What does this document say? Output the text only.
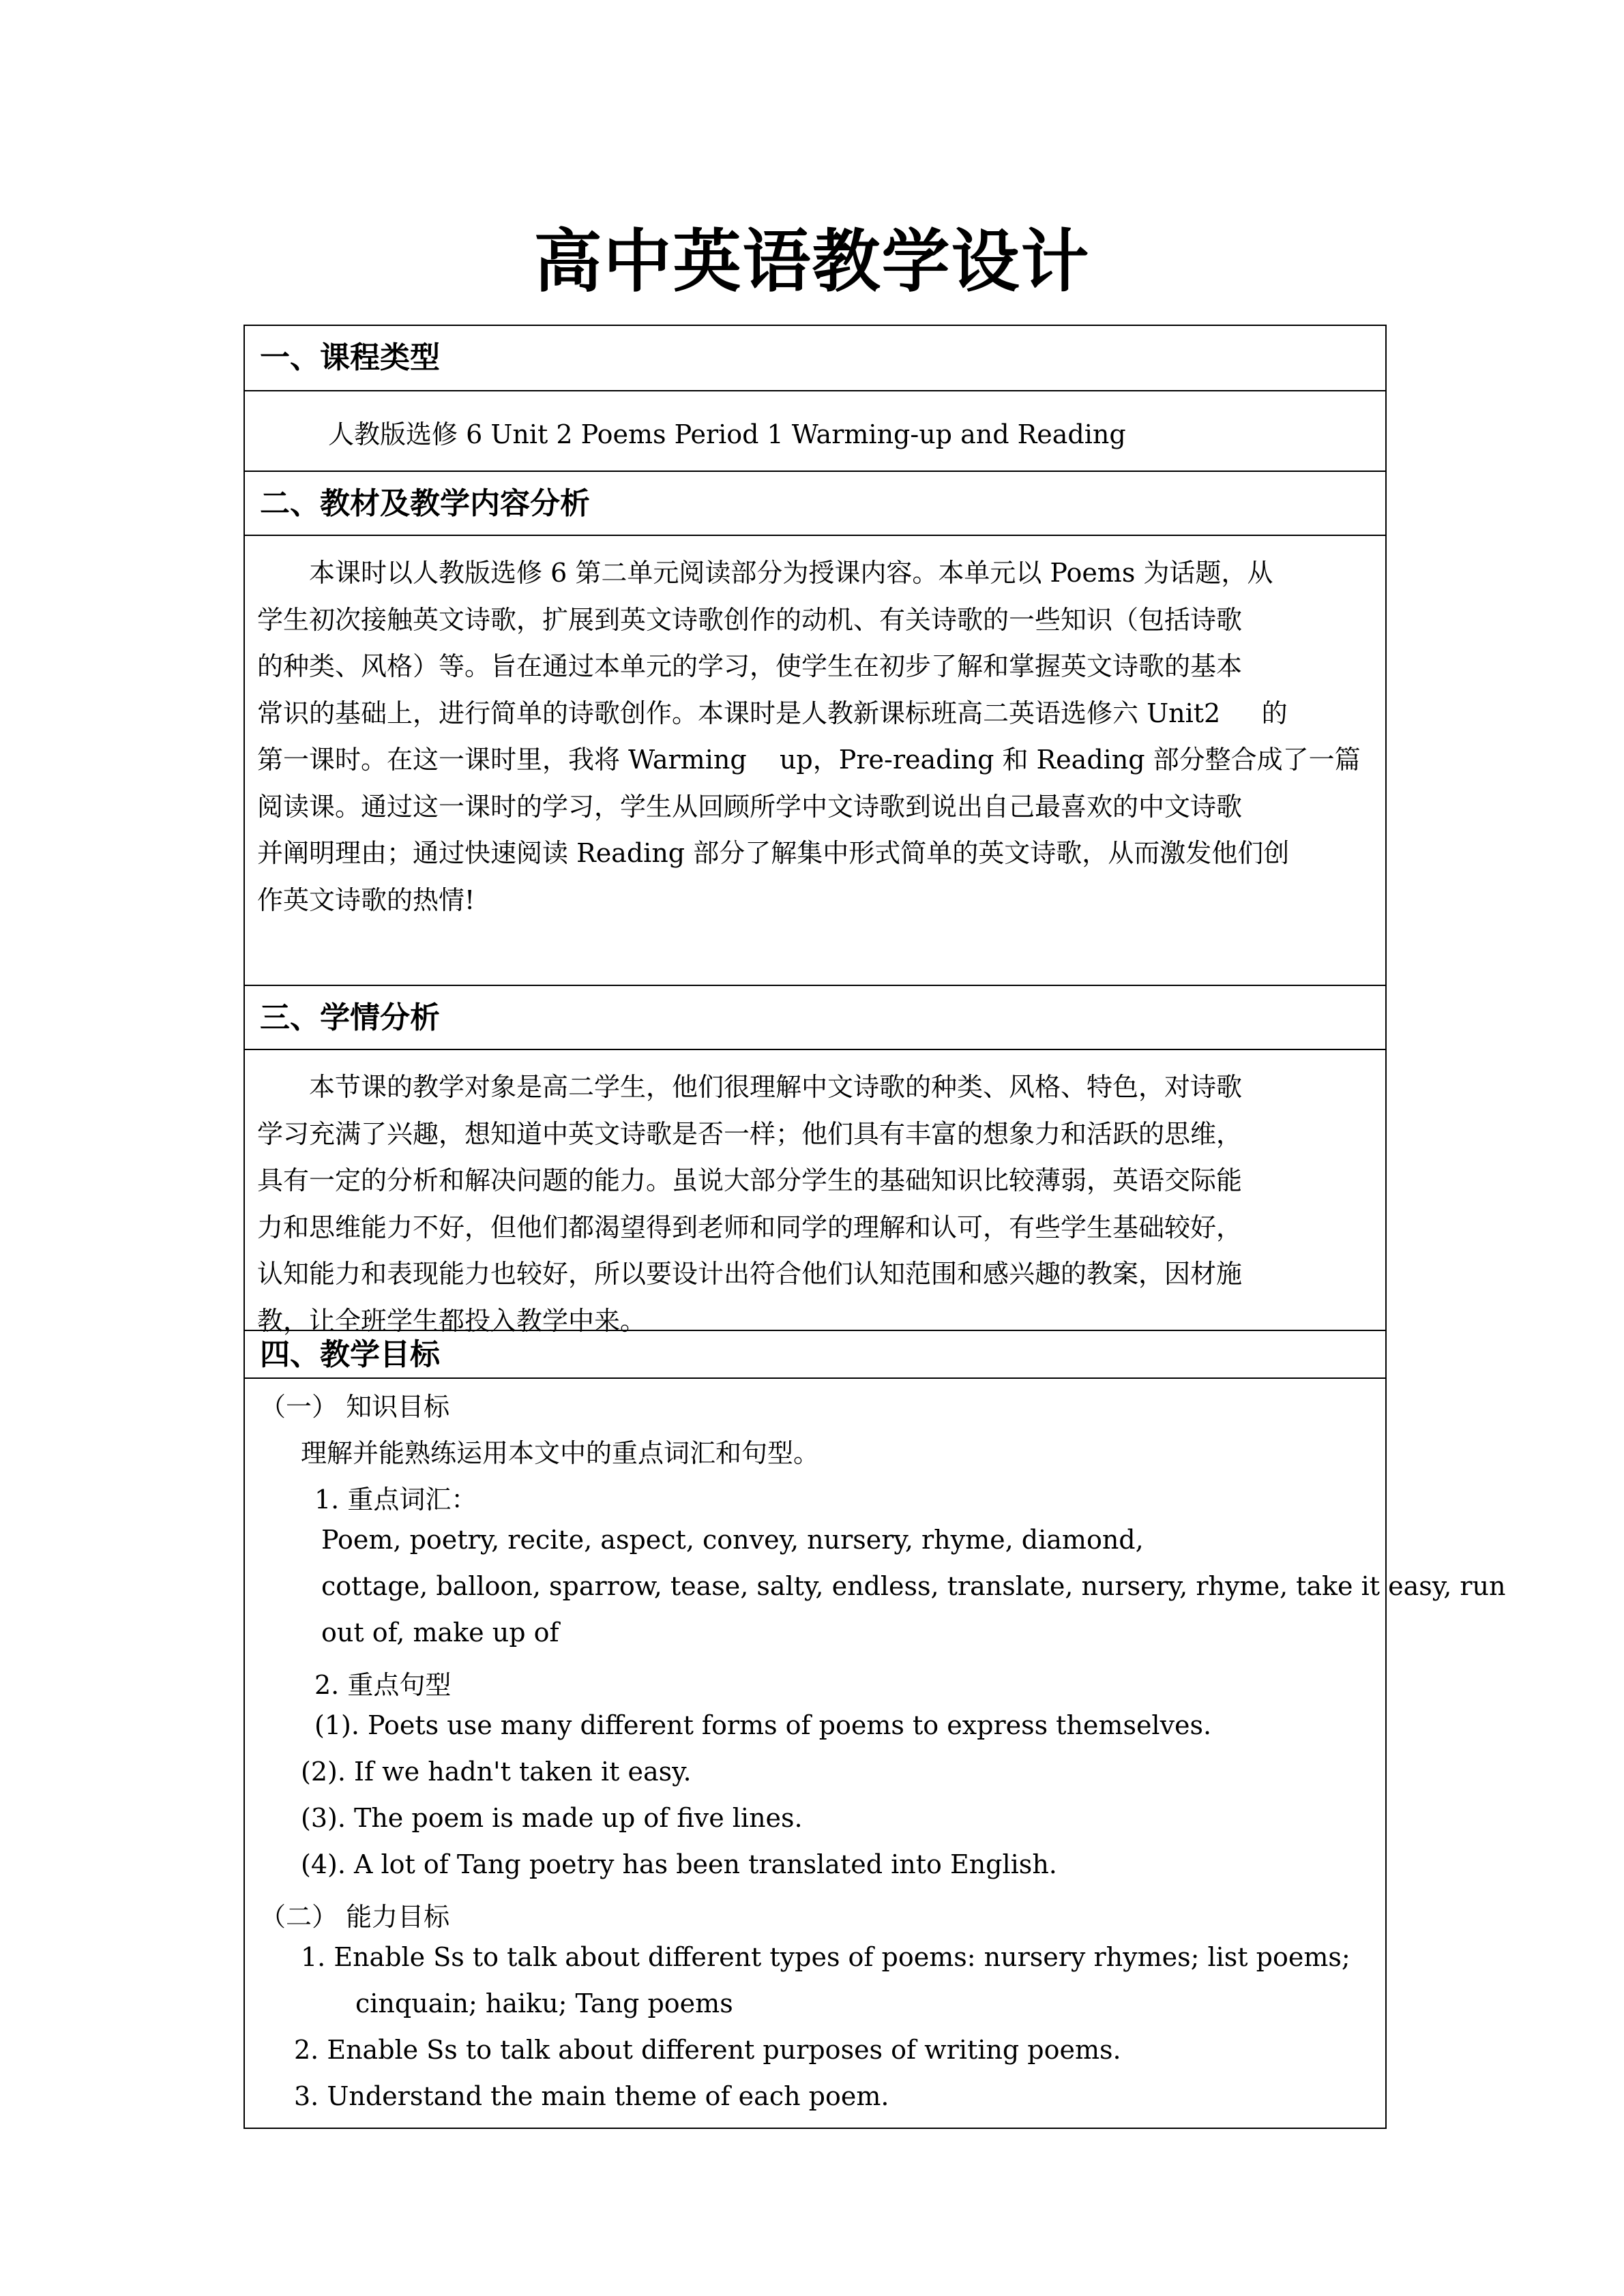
高中英语教学设计
一、课程类型
人教版选修 6 Unit 2 Poems Period 1 Warming-up and Reading
二、教材及教学内容分析
本课时以人教版选修 6 第二单元阅读部分为授课内容。本单元以 Poems 为话题，从
学生初次接触英文诗歌，扩展到英文诗歌创作的动机、有关诗歌的一些知识（包括诗歌
的种类、风格）等。旨在通过本单元的学习，使学生在初步了解和掌握英文诗歌的基本
常识的基础上，进行简单的诗歌创作。本课时是人教新课标班高二英语选修六 Unit2     的
第一课时。在这一课时里，我将 Warming    up，Pre-reading 和 Reading 部分整合成了一篇
阅读课。通过这一课时的学习，学生从回顾所学中文诗歌到说出自己最喜欢的中文诗歌
并阐明理由；通过快速阅读 Reading 部分了解集中形式简单的英文诗歌，从而激发他们创
作英文诗歌的热情!
三、学情分析
本节课的教学对象是高二学生，他们很理解中文诗歌的种类、风格、特色，对诗歌
学习充满了兴趣，想知道中英文诗歌是否一样；他们具有丰富的想象力和活跃的思维，
具有一定的分析和解决问题的能力。虽说大部分学生的基础知识比较薄弱，英语交际能
力和思维能力不好，但他们都渴望得到老师和同学的理解和认可，有些学生基础较好，
认知能力和表现能力也较好，所以要设计出符合他们认知范围和感兴趣的教案，因材施
教，让全班学生都投入教学中来。
四、教学目标
（一） 知识目标
理解并能熟练运用本文中的重点词汇和句型。
1. 重点词汇：
Poem, poetry, recite, aspect, convey, nursery, rhyme, diamond,
cottage, balloon, sparrow, tease, salty, endless, translate, nursery, rhyme, take it easy, run
out of, make up of
2. 重点句型
(1). Poets use many different forms of poems to express themselves.
(2). If we hadn't taken it easy.
(3). The poem is made up of five lines.
(4). A lot of Tang poetry has been translated into English.
（二） 能力目标
1. Enable Ss to talk about different types of poems: nursery rhymes; list poems;
cinquain; haiku; Tang poems
2. Enable Ss to talk about different purposes of writing poems.
3. Understand the main theme of each poem.
